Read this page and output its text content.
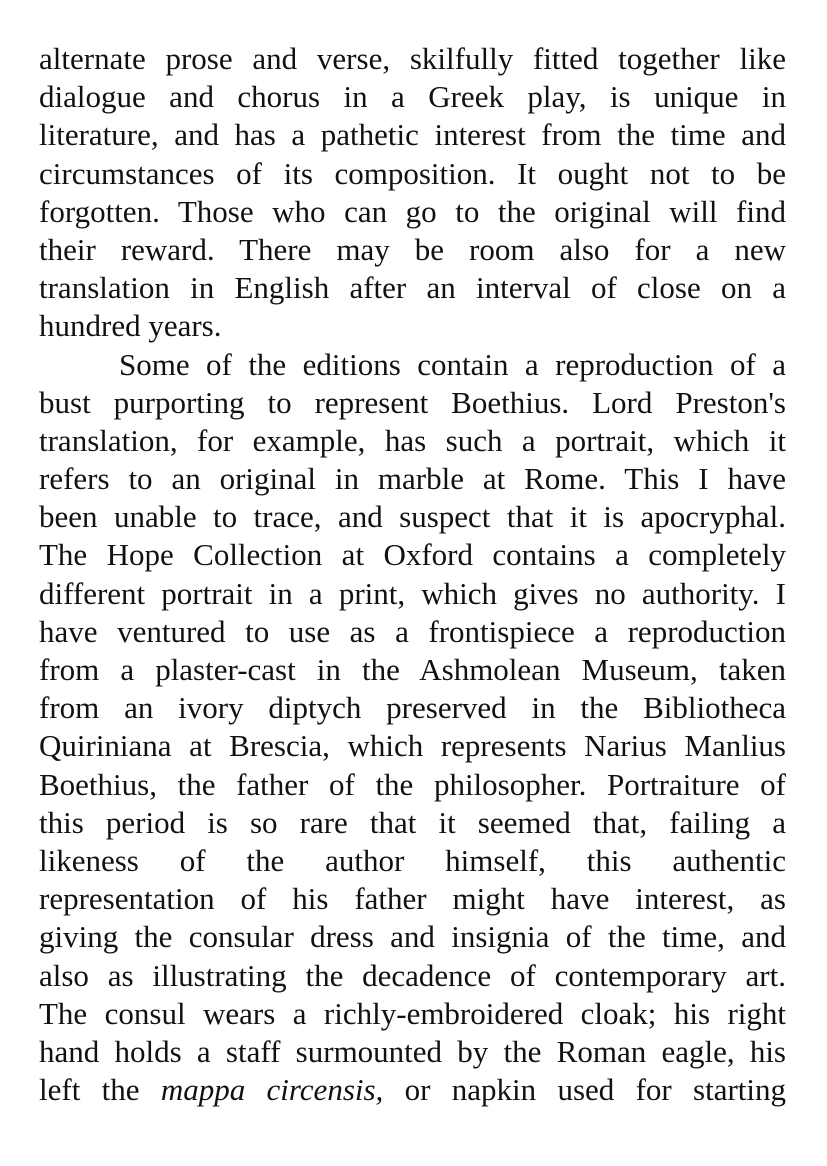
alternate prose and verse, skilfully fitted together like
dialogue and chorus in a Greek play, is unique in
literature, and has a pathetic interest from the time and
circumstances of its composition. It ought not to be
forgotten. Those who can go to the original will find
their reward. There may be room also for a new
translation in English after an interval of close on a
hundred years.
Some of the editions contain a reproduction of a
bust purporting to represent Boethius. Lord Preston's
translation, for example, has such a portrait, which it
refers to an original in marble at Rome. This I have
been unable to trace, and suspect that it is apocryphal.
The Hope Collection at Oxford contains a completely
different portrait in a print, which gives no authority. I
have ventured to use as a frontispiece a reproduction
from a plaster-cast in the Ashmolean Museum, taken
from an ivory diptych preserved in the Bibliotheca
Quiriniana at Brescia, which represents Narius Manlius
Boethius, the father of the philosopher. Portraiture of
this period is so rare that it seemed that, failing a
likeness of the author himself, this authentic
representation of his father might have interest, as
giving the consular dress and insignia of the time, and
also as illustrating the decadence of contemporary art.
The consul wears a richly-embroidered cloak; his right
hand holds a staff surmounted by the Roman eagle, his
left the mappa circensis, or napkin used for starting
